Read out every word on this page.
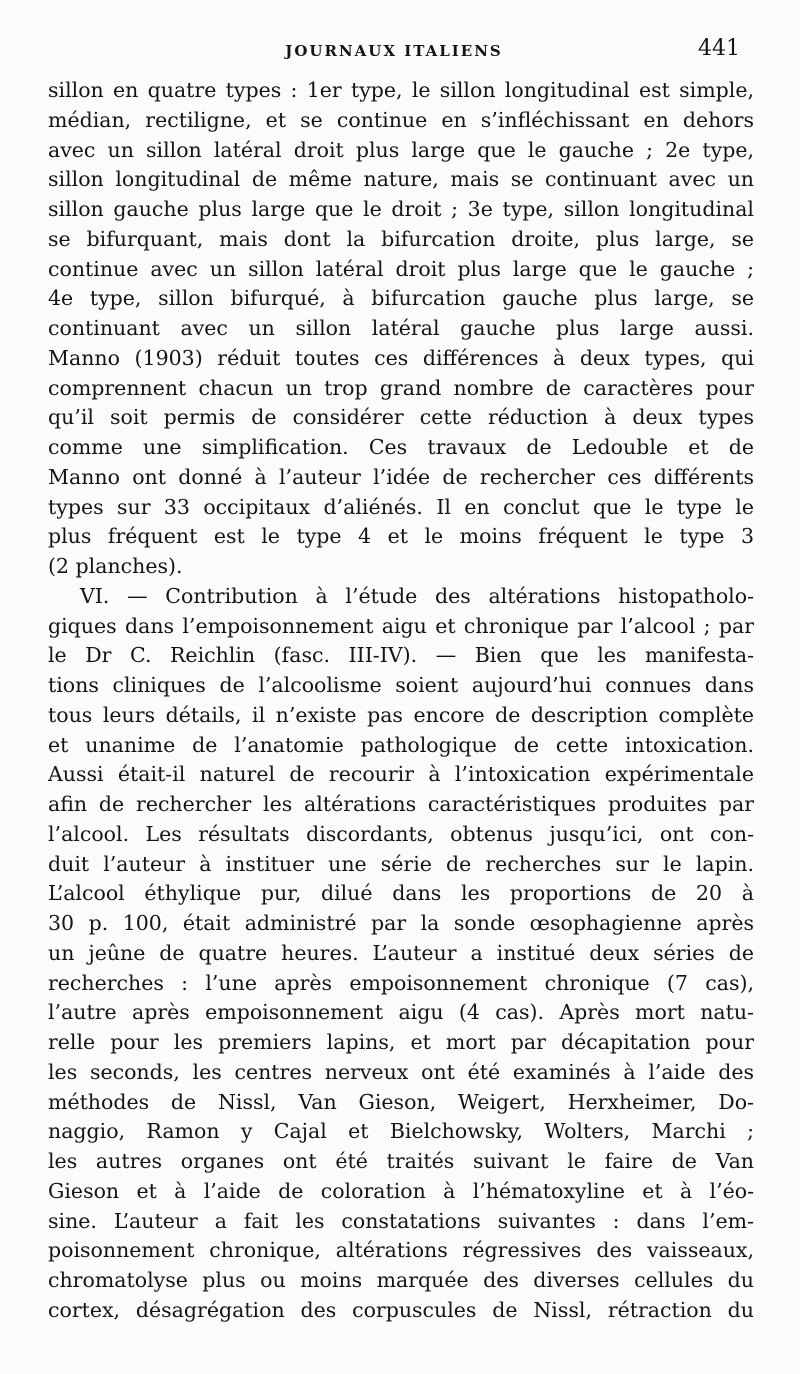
JOURNAUX ITALIENS	441
sillon en quatre types : 1er type, le sillon longitudinal est simple,
médian, rectiligne, et se continue en s’infléchissant en dehors
avec un sillon latéral droit plus large que le gauche ; 2e type,
sillon longitudinal de même nature, mais se continuant avec un
sillon gauche plus large que le droit ; 3e type, sillon longitudinal
se bifurquant, mais dont la bifurcation droite, plus large, se
continue avec un sillon latéral droit plus large que le gauche ;
4e type, sillon bifurqué, à bifurcation gauche plus large, se
continuant avec un sillon latéral gauche plus large aussi.
Manno (1903) réduit toutes ces différences à deux types, qui
comprennent chacun un trop grand nombre de caractères pour
qu’il soit permis de considérer cette réduction à deux types
comme une simplification. Ces travaux de Ledouble et de
Manno ont donné à l’auteur l’idée de rechercher ces différents
types sur 33 occipitaux d’aliénés. Il en conclut que le type le
plus fréquent est le type 4 et le moins fréquent le type 3
(2 planches).
VI. — Contribution à l’étude des altérations histopatholo-
giques dans l’empoisonnement aigu et chronique par l’alcool ; par
le Dr C. Reichlin (fasc. III-IV). — Bien que les manifesta-
tions cliniques de l’alcoolisme soient aujourd’hui connues dans
tous leurs détails, il n’existe pas encore de description complète
et unanime de l’anatomie pathologique de cette intoxication.
Aussi était-il naturel de recourir à l’intoxication expérimentale
afin de rechercher les altérations caractéristiques produites par
l’alcool. Les résultats discordants, obtenus jusqu’ici, ont con-
duit l’auteur à instituer une série de recherches sur le lapin.
L’alcool éthylique pur, dilué dans les proportions de 20 à
30 p. 100, était administré par la sonde œsophagienne après
un jeûne de quatre heures. L’auteur a institué deux séries de
recherches : l’une après empoisonnement chronique (7 cas),
l’autre après empoisonnement aigu (4 cas). Après mort natu-
relle pour les premiers lapins, et mort par décapitation pour
les seconds, les centres nerveux ont été examinés à l’aide des
méthodes de Nissl, Van Gieson, Weigert, Herxheimer, Do-
naggio, Ramon y Cajal et Bielchowsky, Wolters, Marchi ;
les autres organes ont été traités suivant le faire de Van
Gieson et à l’aide de coloration à l’hématoxyline et à l’éo-
sine. L’auteur a fait les constatations suivantes : dans l’em-
poisonnement chronique, altérations régressives des vaisseaux,
chromatolyse plus ou moins marquée des diverses cellules du
cortex, désagrégation des corpuscules de Nissl, rétraction du
